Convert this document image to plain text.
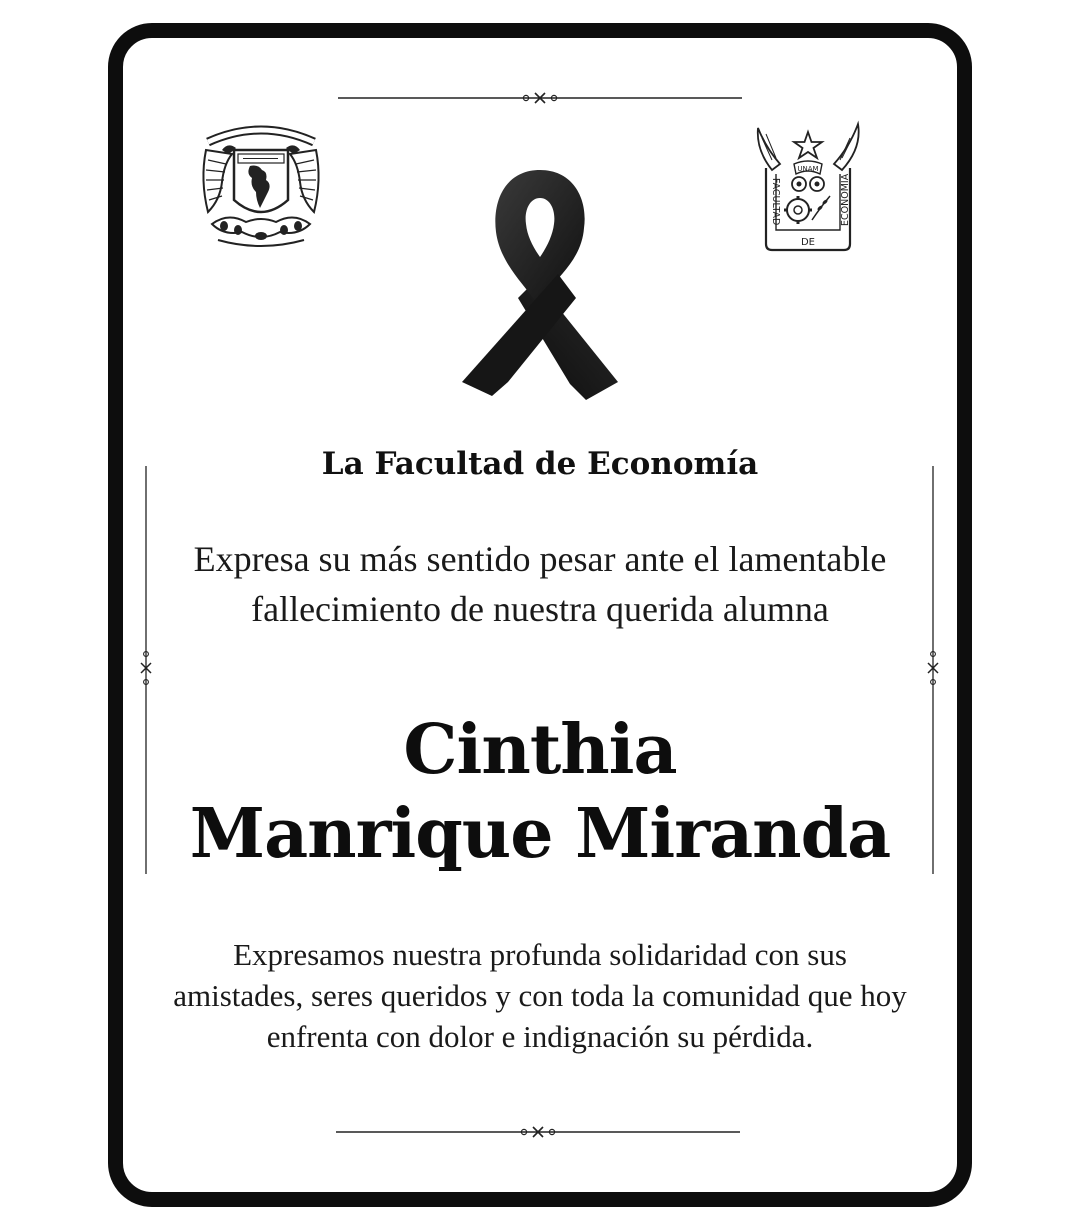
UNAM
FACULTAD	ECONOMIA
DE
La Facultad de Economía
Expresa su más sentido pesar ante el lamentable fallecimiento de nuestra querida alumna
Cinthia
Manrique Miranda
Expresamos nuestra profunda solidaridad con sus amistades, seres queridos y con toda la comunidad que hoy enfrenta con dolor e indignación su pérdida.
